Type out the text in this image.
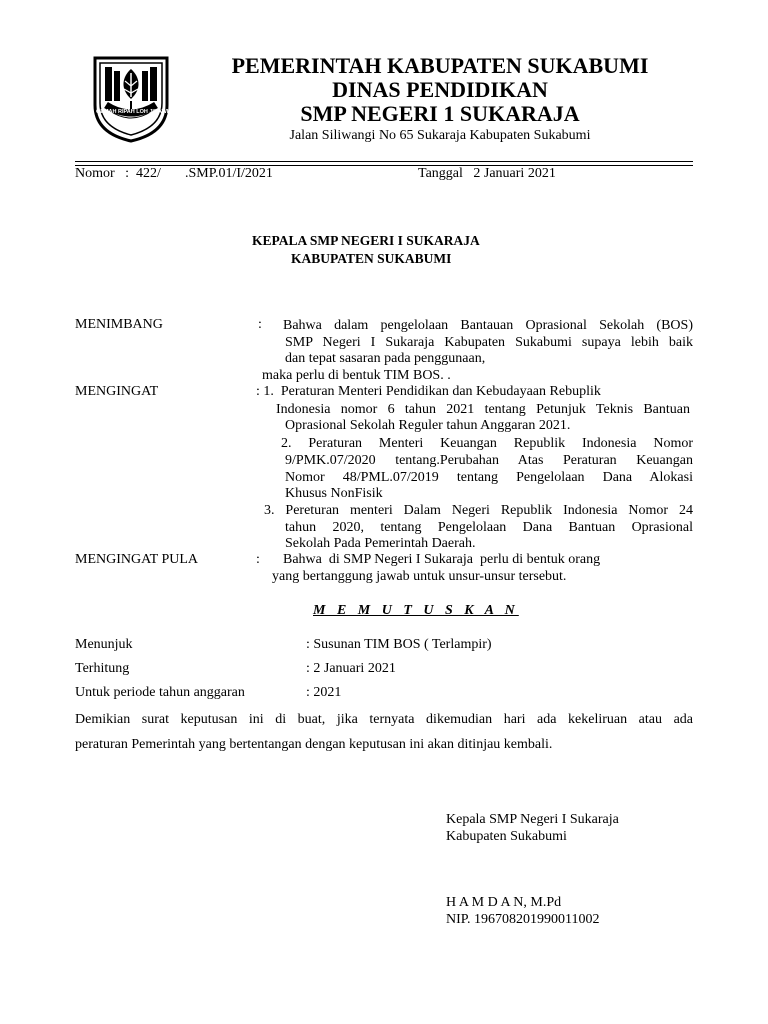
GEMAH RIPAH LOH JINAWI
PEMERINTAH KABUPATEN SUKABUMI
DINAS PENDIDIKAN
SMP NEGERI 1 SUKARAJA
Jalan Siliwangi No 65 Sukaraja Kabupaten Sukabumi
Nomor   :  422/ .SMP.01/I/2021	Tanggal   2 Januari 2021
KEPALA SMP NEGERI I SUKARAJA
KABUPATEN SUKABUMI
MENIMBANG	: Bahwa dalam pengelolaan Bantauan Oprasional Sekolah (BOS)
SMP Negeri I Sukaraja Kabupaten Sukabumi supaya lebih baik
dan tepat sasaran pada penggunaan,
maka perlu di bentuk TIM BOS. .
MENGINGAT	: 1.  Peraturan Menteri Pendidikan dan Kebudayaan Rebuplik
Indonesia nomor 6 tahun 2021 tentang Petunjuk Teknis Bantuan
Oprasional Sekolah Reguler tahun Anggaran 2021.
2. Peraturan Menteri Keuangan Republik Indonesia Nomor
9/PMK.07/2020 tentang.Perubahan Atas Peraturan Keuangan
Nomor 48/PML.07/2019 tentang Pengelolaan Dana Alokasi
Khusus NonFisik
3. Pereturan menteri Dalam Negeri Republik Indonesia Nomor 24
tahun 2020, tentang Pengelolaan Dana Bantuan Oprasional
Sekolah Pada Pemerintah Daerah.
MENGINGAT PULA	: Bahwa  di SMP Negeri I Sukaraja  perlu di bentuk orang
yang bertanggung jawab untuk unsur-unsur tersebut.
M E M U T U S K A N
Menunjuk	: Susunan TIM BOS ( Terlampir)
Terhitung	: 2 Januari 2021
Untuk periode tahun anggaran	: 2021
Demikian surat keputusan ini di buat, jika ternyata dikemudian hari ada kekeliruan atau ada
peraturan Pemerintah yang bertentangan dengan keputusan ini akan ditinjau kembali.
Kepala SMP Negeri I Sukaraja
Kabupaten Sukabumi
H A M D A N, M.Pd
NIP. 196708201990011002
